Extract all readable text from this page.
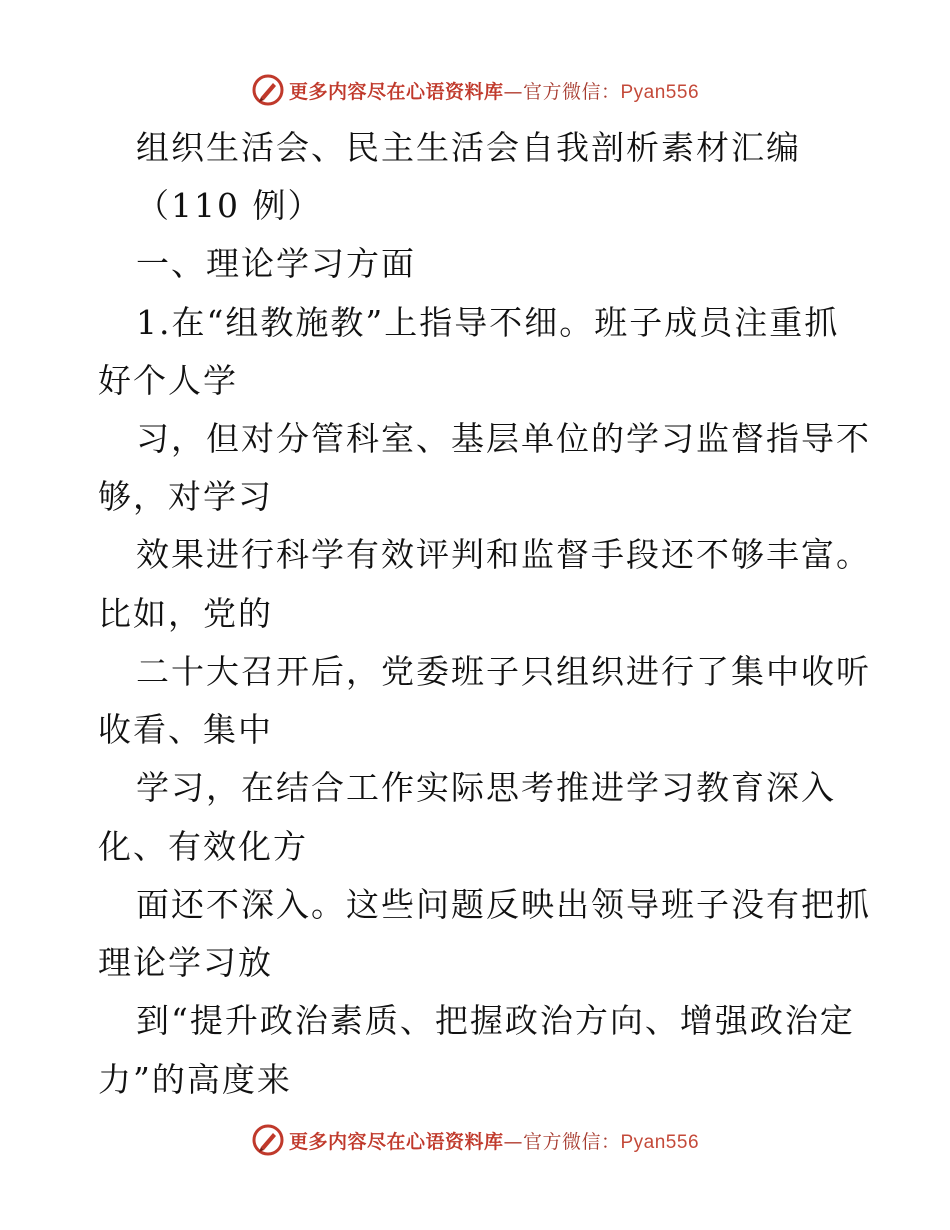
更多内容尽在心语资料库—官方微信：Pyan556
组织生活会、民主生活会自我剖析素材汇编
（110 例）
一、理论学习方面
1.在“组教施教”上指导不细。班子成员注重抓
好个人学
习，但对分管科室、基层单位的学习监督指导不
够，对学习
效果进行科学有效评判和监督手段还不够丰富。
比如，党的
二十大召开后，党委班子只组织进行了集中收听
收看、集中
学习，在结合工作实际思考推进学习教育深入
化、有效化方
面还不深入。这些问题反映出领导班子没有把抓
理论学习放
到“提升政治素质、把握政治方向、增强政治定
力”的高度来
更多内容尽在心语资料库—官方微信：Pyan556
